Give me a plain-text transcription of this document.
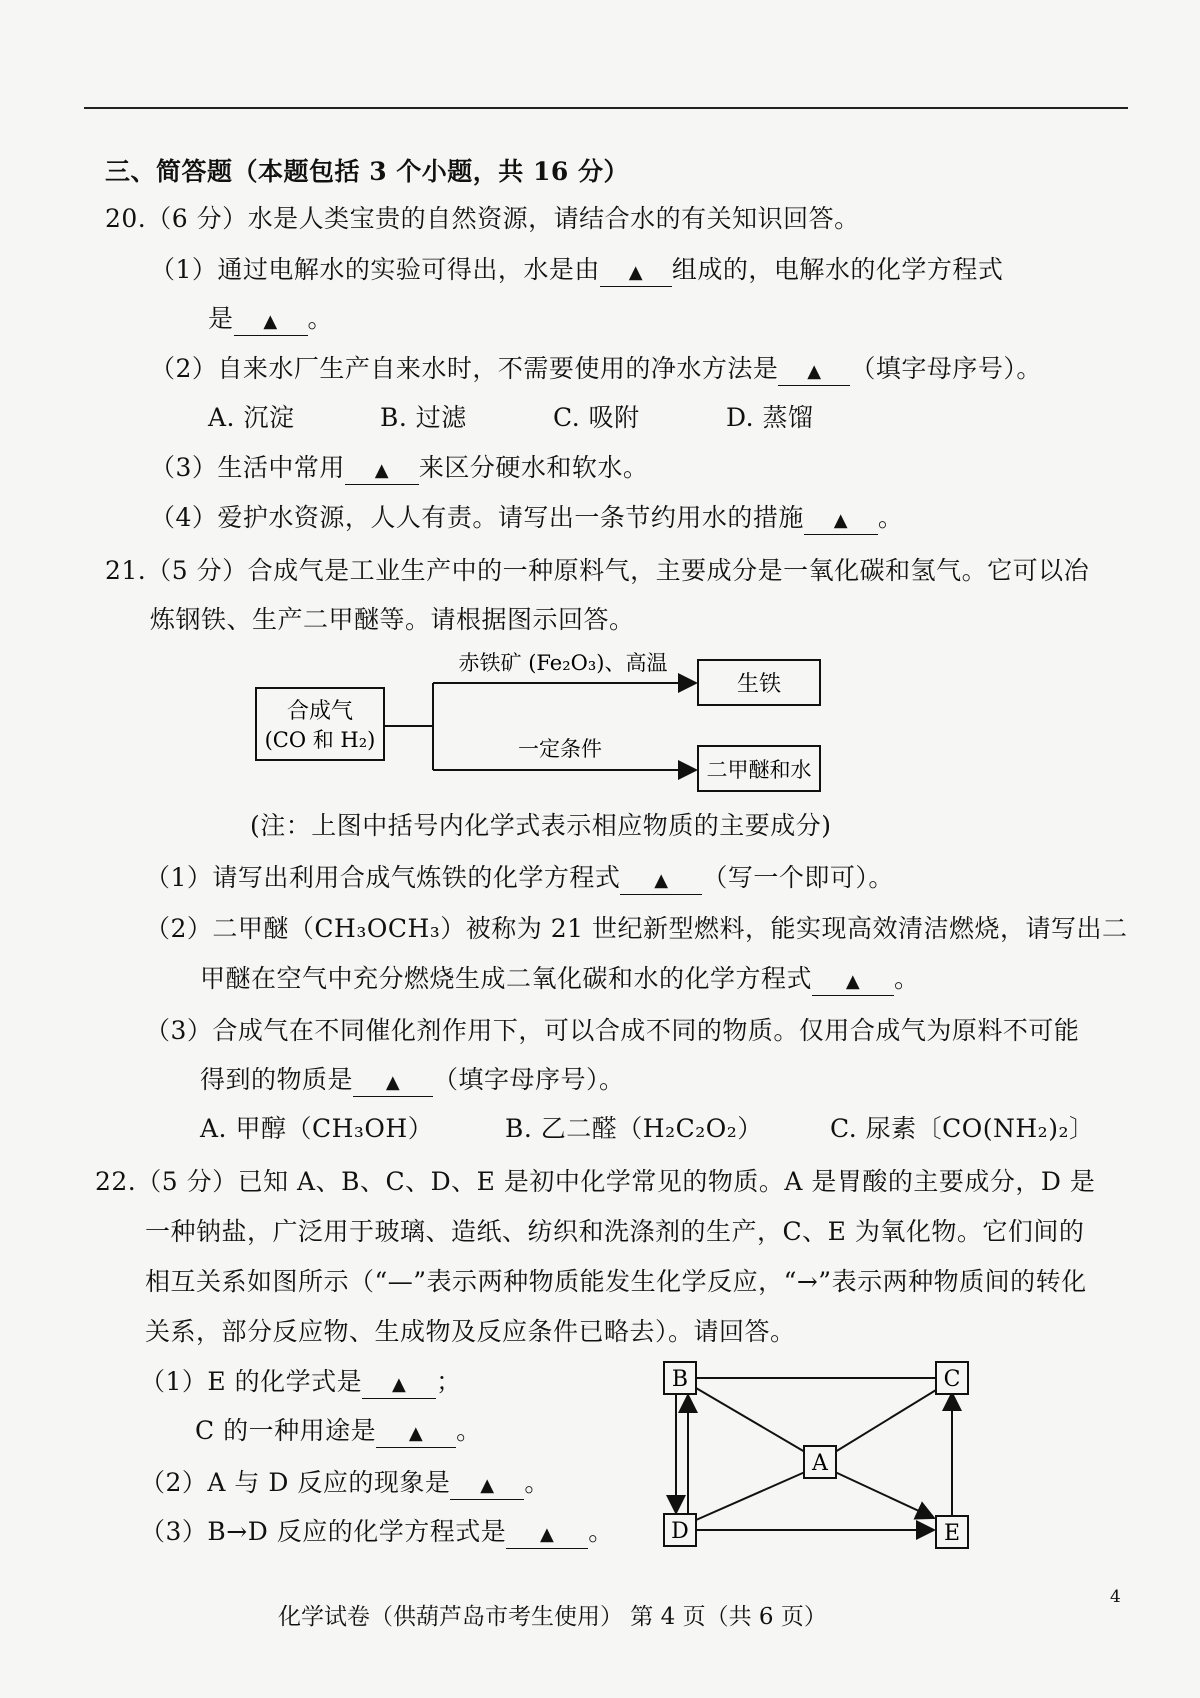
三、简答题（本题包括 3 个小题，共 16 分）
20.（6 分）水是人类宝贵的自然资源，请结合水的有关知识回答。
（1）通过电解水的实验可得出，水是由 ▲ 组成的，电解水的化学方程式
是 ▲ 。
（2）自来水厂生产自来水时，不需要使用的净水方法是 ▲ （填字母序号）。
A. 沉淀	B. 过滤	C. 吸附	D. 蒸馏
（3）生活中常用 ▲ 来区分硬水和软水。
（4）爱护水资源，人人有责。请写出一条节约用水的措施 ▲ 。
21.（5 分）合成气是工业生产中的一种原料气，主要成分是一氧化碳和氢气。它可以冶
炼钢铁、生产二甲醚等。请根据图示回答。
合成气
(CO 和 H₂)
赤铁矿 (Fe₂O₃)、高温
一定条件
生铁
二甲醚和水
(注：上图中括号内化学式表示相应物质的主要成分)
（1）请写出利用合成气炼铁的化学方程式 ▲ （写一个即可）。
（2）二甲醚（CH₃OCH₃）被称为 21 世纪新型燃料，能实现高效清洁燃烧，请写出二
甲醚在空气中充分燃烧生成二氧化碳和水的化学方程式 ▲ 。
（3）合成气在不同催化剂作用下，可以合成不同的物质。仅用合成气为原料不可能
得到的物质是 ▲ （填字母序号）。
A. 甲醇（CH₃OH）	B. 乙二醛（H₂C₂O₂）	C. 尿素〔CO(NH₂)₂〕
22.（5 分）已知 A、B、C、D、E 是初中化学常见的物质。A 是胃酸的主要成分，D 是
一种钠盐，广泛用于玻璃、造纸、纺织和洗涤剂的生产，C、E 为氧化物。它们间的
相互关系如图所示（“—”表示两种物质能发生化学反应，“→”表示两种物质间的转化
关系，部分反应物、生成物及反应条件已略去）。请回答。
（1）E 的化学式是 ▲ ；
C 的一种用途是 ▲ 。
（2）A 与 D 反应的现象是 ▲ 。
（3）B→D 反应的化学方程式是 ▲ 。
B	C
A
D	E
4
化学试卷（供葫芦岛市考生使用） 第 4 页（共 6 页）
